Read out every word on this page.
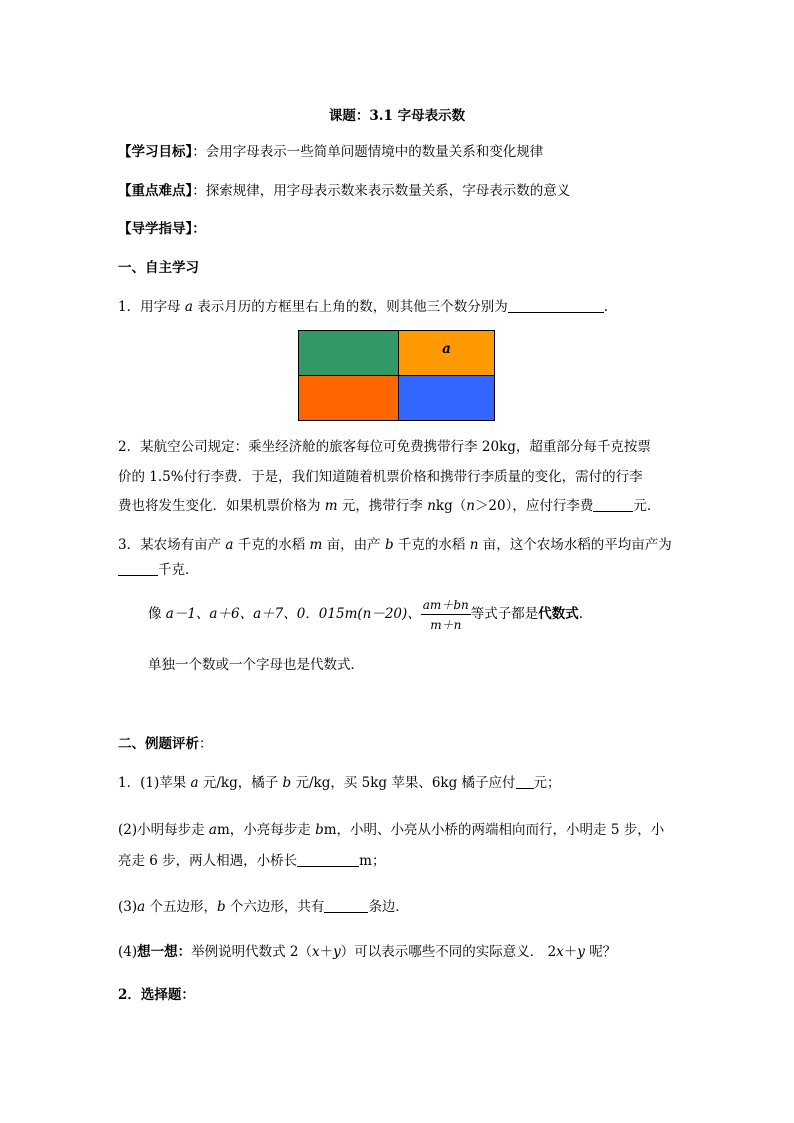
课题：3.1 字母表示数
【学习目标】：会用字母表示一些简单问题情境中的数量关系和变化规律
【重点难点】：探索规律，用字母表示数来表示数量关系，字母表示数的意义
【导学指导】：
一、自主学习
1．用字母 a 表示月历的方框里右上角的数，则其他三个数分别为	.
a
2．某航空公司规定：乘坐经济舱的旅客每位可免费携带行李 20kg，超重部分每千克按票
价的 1.5%付行李费．于是，我们知道随着机票价格和携带行李质量的变化，需付的行李
费也将发生变化．如果机票价格为 m 元，携带行李 nkg（n＞20），应付行李费	元.
3．某农场有亩产 a 千克的水稻 m 亩，由产 b 千克的水稻 n 亩，这个农场水稻的平均亩产为
千克．
像 a－1、a＋6、a＋7、0．015m(n－20)、 $\frac{am+bn}{m+n}$ 等式子都是代数式.
单独一个数或一个字母也是代数式．
二、例题评析：
1．(1)苹果 a 元/kg，橘子 b 元/kg，买 5kg 苹果、6kg 橘子应付 元；
(2)小明每步走 am，小亮每步走 bm，小明、小亮从小桥的两端相向而行，小明走 5 步，小
亮走 6 步，两人相遇，小桥长	m；
(3)a 个五边形，b 个六边形，共有	条边．
(4)想一想：举例说明代数式 2（x＋y）可以表示哪些不同的实际意义． 2x＋y 呢？
2．选择题：
